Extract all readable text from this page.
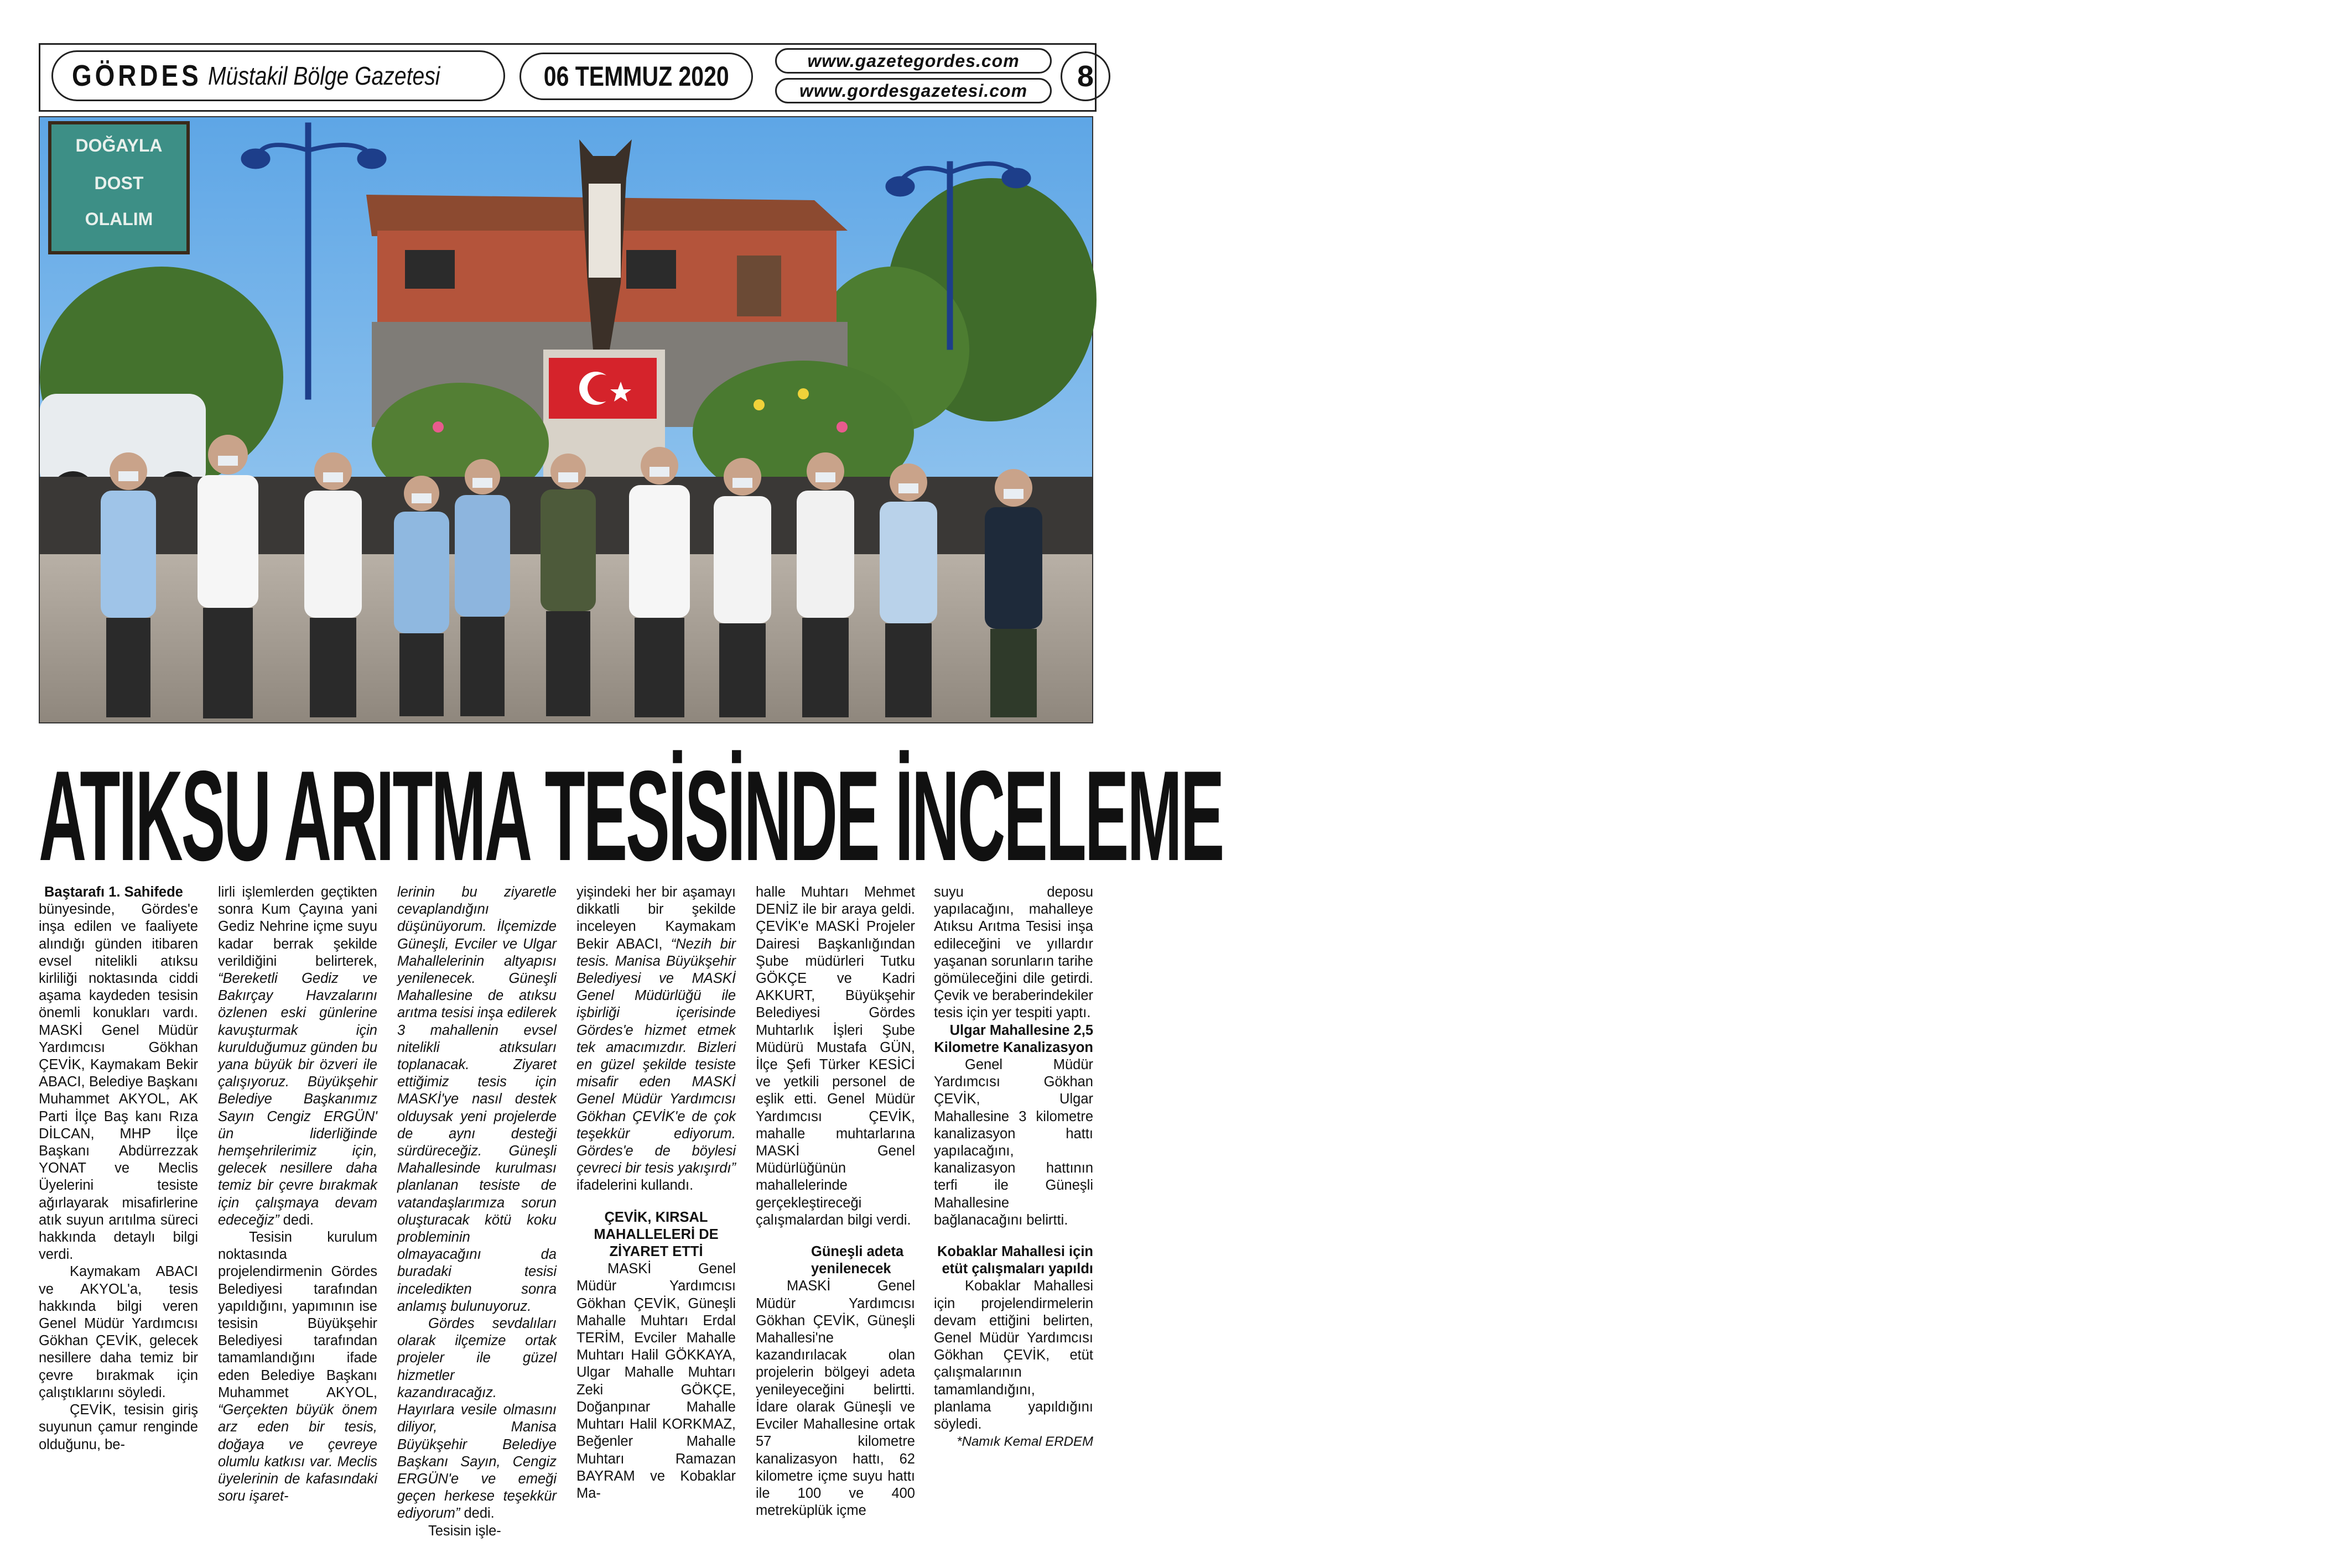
GÖRDES Müstakil Bölge Gazetesi	06 TEMMUZ 2020
www.gazetegordes.com
www.gordesgazetesi.com 8
DOĞAYLA
DOST
OLALIM
ATIKSU ARITMA TESİSİNDE İNCELEME

Baştarafı 1. Sahifede

bünyesinde, Gördes'e inşa edilen ve faaliyete alındığı günden itibaren evsel nitelikli atıksu kirliliği noktasında ciddi aşama kaydeden tesisin önemli konukları vardı. MASKİ Genel Müdür Yardımcısı Gökhan ÇEVİK, Kaymakam Bekir ABACI, Belediye Başkanı Muhammet AKYOL, AK Parti İlçe Baş kanı Rıza DİLCAN, MHP İlçe Başkanı Abdürrezzak YONAT ve Meclis Üyelerini tesiste ağırlayarak misafirlerine atık suyun arıtılma süreci hakkında detaylı bilgi verdi.

Kaymakam ABACI ve AKYOL'a, tesis hakkında bilgi veren Genel Müdür Yardımcısı Gökhan ÇEVİK, gelecek nesillere daha temiz bir çevre bırakmak için çalıştıklarını söyledi.

ÇEVİK, tesisin giriş suyunun çamur renginde olduğunu, be-

lirli işlemlerden geçtikten sonra Kum Çayına yani Gediz Nehrine içme suyu kadar berrak şekilde verildiğini belirterek, “Bereketli Gediz ve Bakırçay Havzalarını özlenen eski günlerine kavuşturmak için kurulduğumuz günden bu yana büyük bir özveri ile çalışıyoruz. Büyükşehir Belediye Başkanımız Sayın Cengiz ERGÜN' ün liderliğinde hemşehrilerimiz için, gelecek nesillere daha temiz bir çevre bırakmak için çalışmaya devam edeceğiz” dedi.

Tesisin kurulum noktasında projelendirmenin Gördes Belediyesi tarafından yapıldığını, yapımının ise tesisin Büyükşehir Belediyesi tarafından tamamlandığını ifade eden Belediye Başkanı Muhammet AKYOL, “Gerçekten büyük önem arz eden bir tesis, doğaya ve çevreye olumlu katkısı var. Meclis üyelerinin de kafasındaki soru işaret-

lerinin bu ziyaretle cevaplandığını düşünüyorum. İlçemizde Güneşli, Evciler ve Ulgar Mahallelerinin altyapısı yenilenecek. Güneşli Mahallesine de atıksu arıtma tesisi inşa edilerek 3 mahallenin evsel nitelikli atıksuları toplanacak. Ziyaret ettiğimiz tesis için MASKİ'ye nasıl destek olduysak yeni projelerde de aynı desteği sürdüreceğiz. Güneşli Mahallesinde kurulması planlanan tesiste de vatandaşlarımıza sorun oluşturacak kötü koku probleminin olmayacağını da buradaki tesisi inceledikten sonra anlamış bulunuyoruz.

Gördes sevdalıları olarak ilçemize ortak projeler ile güzel hizmetler kazandıracağız. Hayırlara vesile olmasını diliyor, Manisa Büyükşehir Belediye Başkanı Sayın, Cengiz ERGÜN'e ve emeği geçen herkese teşekkür ediyorum” dedi.

Tesisin işle-

yişindeki her bir aşamayı dikkatli bir şekilde inceleyen Kaymakam Bekir ABACI, “Nezih bir tesis. Manisa Büyükşehir Belediyesi ve MASKİ Genel Müdürlüğü ile işbirliği içerisinde Gördes'e hizmet etmek tek amacımızdır. Bizleri en güzel şekilde tesiste misafir eden MASKİ Genel Müdür Yardımcısı Gökhan ÇEVİK'e de çok teşekkür ediyorum. Gördes'e de böylesi çevreci bir tesis yakışırdı” ifadelerini kullandı.

ÇEVİK, KIRSAL MAHALLELERİ DE ZİYARET ETTİ

MASKİ Genel Müdür Yardımcısı Gökhan ÇEVİK, Güneşli Mahalle Muhtarı Erdal TERİM, Evciler Mahalle Muhtarı Halil GÖKKAYA, Ulgar Mahalle Muhtarı Zeki GÖKÇE, Doğanpınar Mahalle Muhtarı Halil KORKMAZ, Beğenler Mahalle Muhtarı Ramazan BAYRAM ve Kobaklar Ma-

halle Muhtarı Mehmet DENİZ ile bir araya geldi. ÇEVİK'e MASKİ Projeler Dairesi Başkanlığından Şube müdürleri Tutku GÖKÇE ve Kadri AKKURT, Büyükşehir Belediyesi Gördes Muhtarlık İşleri Şube Müdürü Mustafa GÜN, İlçe Şefi Türker KESİCİ ve yetkili personel de eşlik etti. Genel Müdür Yardımcısı ÇEVİK, mahalle muhtarlarına MASKİ Genel Müdürlüğünün mahallelerinde gerçekleştireceği çalışmalardan bilgi verdi.

Güneşli adeta yenilenecek

MASKİ Genel Müdür Yardımcısı Gökhan ÇEVİK, Güneşli Mahallesi'ne kazandırılacak olan projelerin bölgeyi adeta yenileyeceğini belirtti. İdare olarak Güneşli ve Evciler Mahallesine ortak 57 kilometre kanalizasyon hattı, 62 kilometre içme suyu hattı ile 100 ve 400 metreküplük içme

suyu deposu yapılacağını, mahalleye Atıksu Arıtma Tesisi inşa edileceğini ve yıllardır yaşanan sorunların tarihe gömüleceğini dile getirdi. Çevik ve beraberindekiler tesis için yer tespiti yaptı.

Ulgar Mahallesine 2,5 Kilometre Kanalizasyon

Genel Müdür Yardımcısı Gökhan ÇEVİK, Ulgar Mahallesine 3 kilometre kanalizasyon hattı yapılacağını, kanalizasyon hattının terfi ile Güneşli Mahallesine bağlanacağını belirtti.

Kobaklar Mahallesi için etüt çalışmaları yapıldı

Kobaklar Mahallesi için projelendirmelerin devam ettiğini belirten, Genel Müdür Yardımcısı Gökhan ÇEVİK, etüt çalışmalarının tamamlandığını, planlama yapıldığını söyledi.

*Namık Kemal ERDEM
